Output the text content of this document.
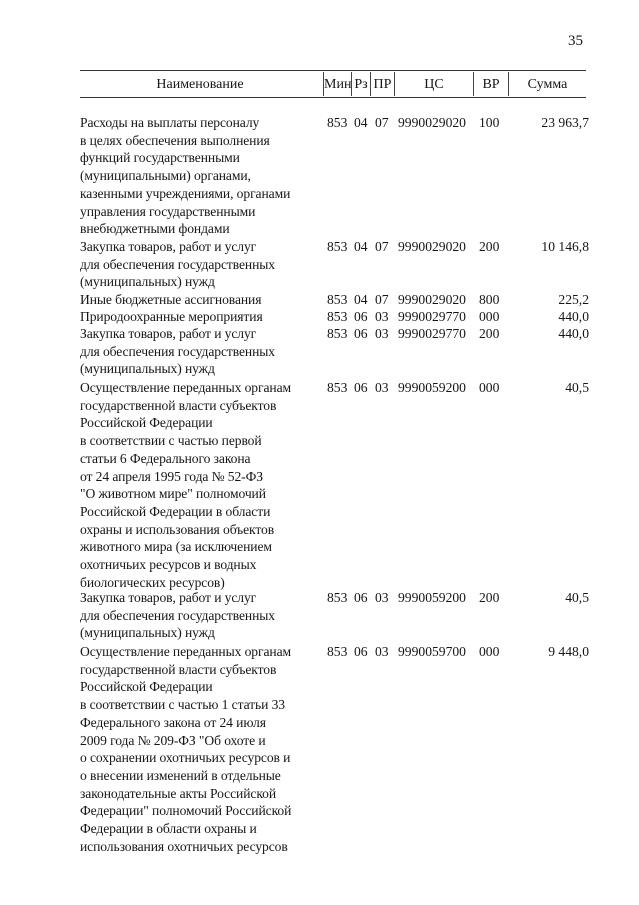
35
Наименование	Мин Рз ПР	ЦС	ВР	Сумма
Расходы на выплаты персоналу
в целях обеспечения выполнения
функций государственными
(муниципальными) органами,
казенными учреждениями, органами
управления государственными
внебюджетными фондами
853 04 07 9990029020 100	23 963,7
Закупка товаров, работ и услуг
для обеспечения государственных
(муниципальных) нужд
853 04 07 9990029020 200	10 146,8
Иные бюджетные ассигнования	853 04 07 9990029020 800	225,2
Природоохранные мероприятия	853 06 03 9990029770 000	440,0
Закупка товаров, работ и услуг
для обеспечения государственных
(муниципальных) нужд
853 06 03 9990029770 200	440,0
Осуществление переданных органам
государственной власти субъектов
Российской Федерации
в соответствии с частью первой
статьи 6 Федерального закона
от 24 апреля 1995 года № 52-ФЗ
"О животном мире" полномочий
Российской Федерации в области
охраны и использования объектов
животного мира (за исключением
охотничьих ресурсов и водных
биологических ресурсов)
853 06 03 9990059200 000	40,5
Закупка товаров, работ и услуг
для обеспечения государственных
(муниципальных) нужд
853 06 03 9990059200 200	40,5
Осуществление переданных органам
государственной власти субъектов
Российской Федерации
в соответствии с частью 1 статьи 33
Федерального закона от 24 июля
2009 года № 209-ФЗ "Об охоте и
о сохранении охотничьих ресурсов и
о внесении изменений в отдельные
законодательные акты Российской
Федерации" полномочий Российской
Федерации в области охраны и
использования охотничьих ресурсов
853 06 03 9990059700 000	9 448,0
